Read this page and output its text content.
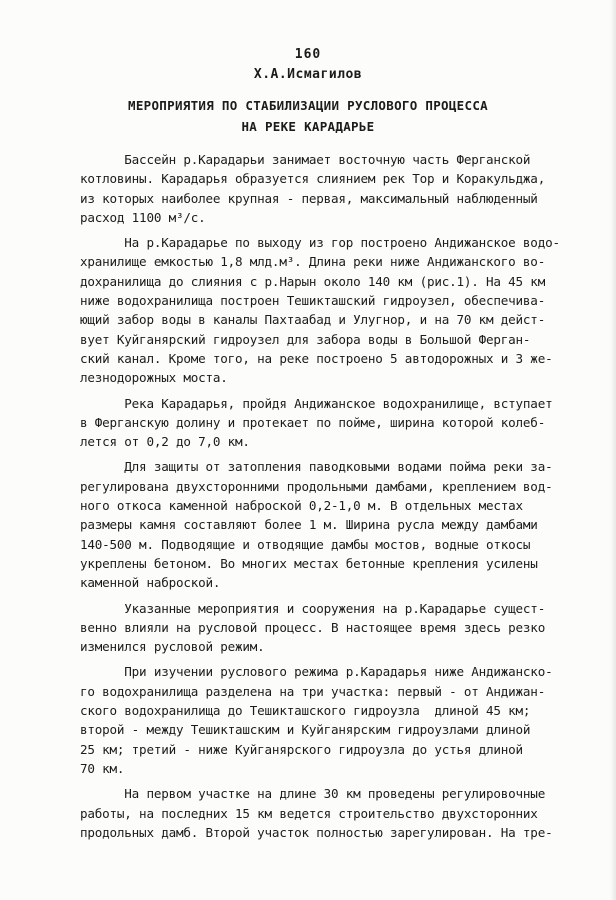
160
Х.А.Исмагилов
МЕРОПРИЯТИЯ ПО СТАБИЛИЗАЦИИ РУСЛОВОГО ПРОЦЕССА
НА РЕКЕ КАРАДАРЬЕ
Бассейн р.Карадарьи занимает восточную часть Ферганской
котловины. Карадарья образуется слиянием рек Тор и Коракульджа,
из которых наиболее крупная - первая, максимальный наблюденный
расход 1100 м³/с.
На р.Карадарье по выходу из гор построено Андижанское водо-
хранилище емкостью 1,8 млд.м³. Длина реки ниже Андижанского во-
дохранилища до слияния с р.Нарын около 140 км (рис.1). На 45 км
ниже водохранилища построен Тешикташский гидроузел, обеспечива-
ющий забор воды в каналы Пахтаабад и Улугнор, и на 70 км дейст-
вует Куйганярский гидроузел для забора воды в Большой Ферган-
ский канал. Кроме того, на реке построено 5 автодорожных и 3 же-
лезнодорожных моста.
Река Карадарья, пройдя Андижанское водохранилище, вступает
в Ферганскую долину и протекает по пойме, ширина которой колеб-
лется от 0,2 до 7,0 км.
Для защиты от затопления паводковыми водами пойма реки за-
регулирована двухсторонними продольными дамбами, креплением вод-
ного откоса каменной наброской 0,2-1,0 м. В отдельных местах
размеры камня составляют более 1 м. Ширина русла между дамбами
140-500 м. Подводящие и отводящие дамбы мостов, водные откосы
укреплены бетоном. Во многих местах бетонные крепления усилены
каменной наброской.
Указанные мероприятия и сооружения на р.Карадарье сущест-
венно влияли на русловой процесс. В настоящее время здесь резко
изменился русловой режим.
При изучении руслового режима р.Карадарья ниже Андижанско-
го водохранилища разделена на три участка: первый - от Андижан-
ского водохранилища до Тешикташского гидроузла  длиной 45 км;
второй - между Тешикташским и Куйганярским гидроузлами длиной
25 км; третий - ниже Куйганярского гидроузла до устья длиной
70 км.
На первом участке на длине 30 км проведены регулировочные
работы, на последних 15 км ведется строительство двухсторонних
продольных дамб. Второй участок полностью зарегулирован. На тре-
